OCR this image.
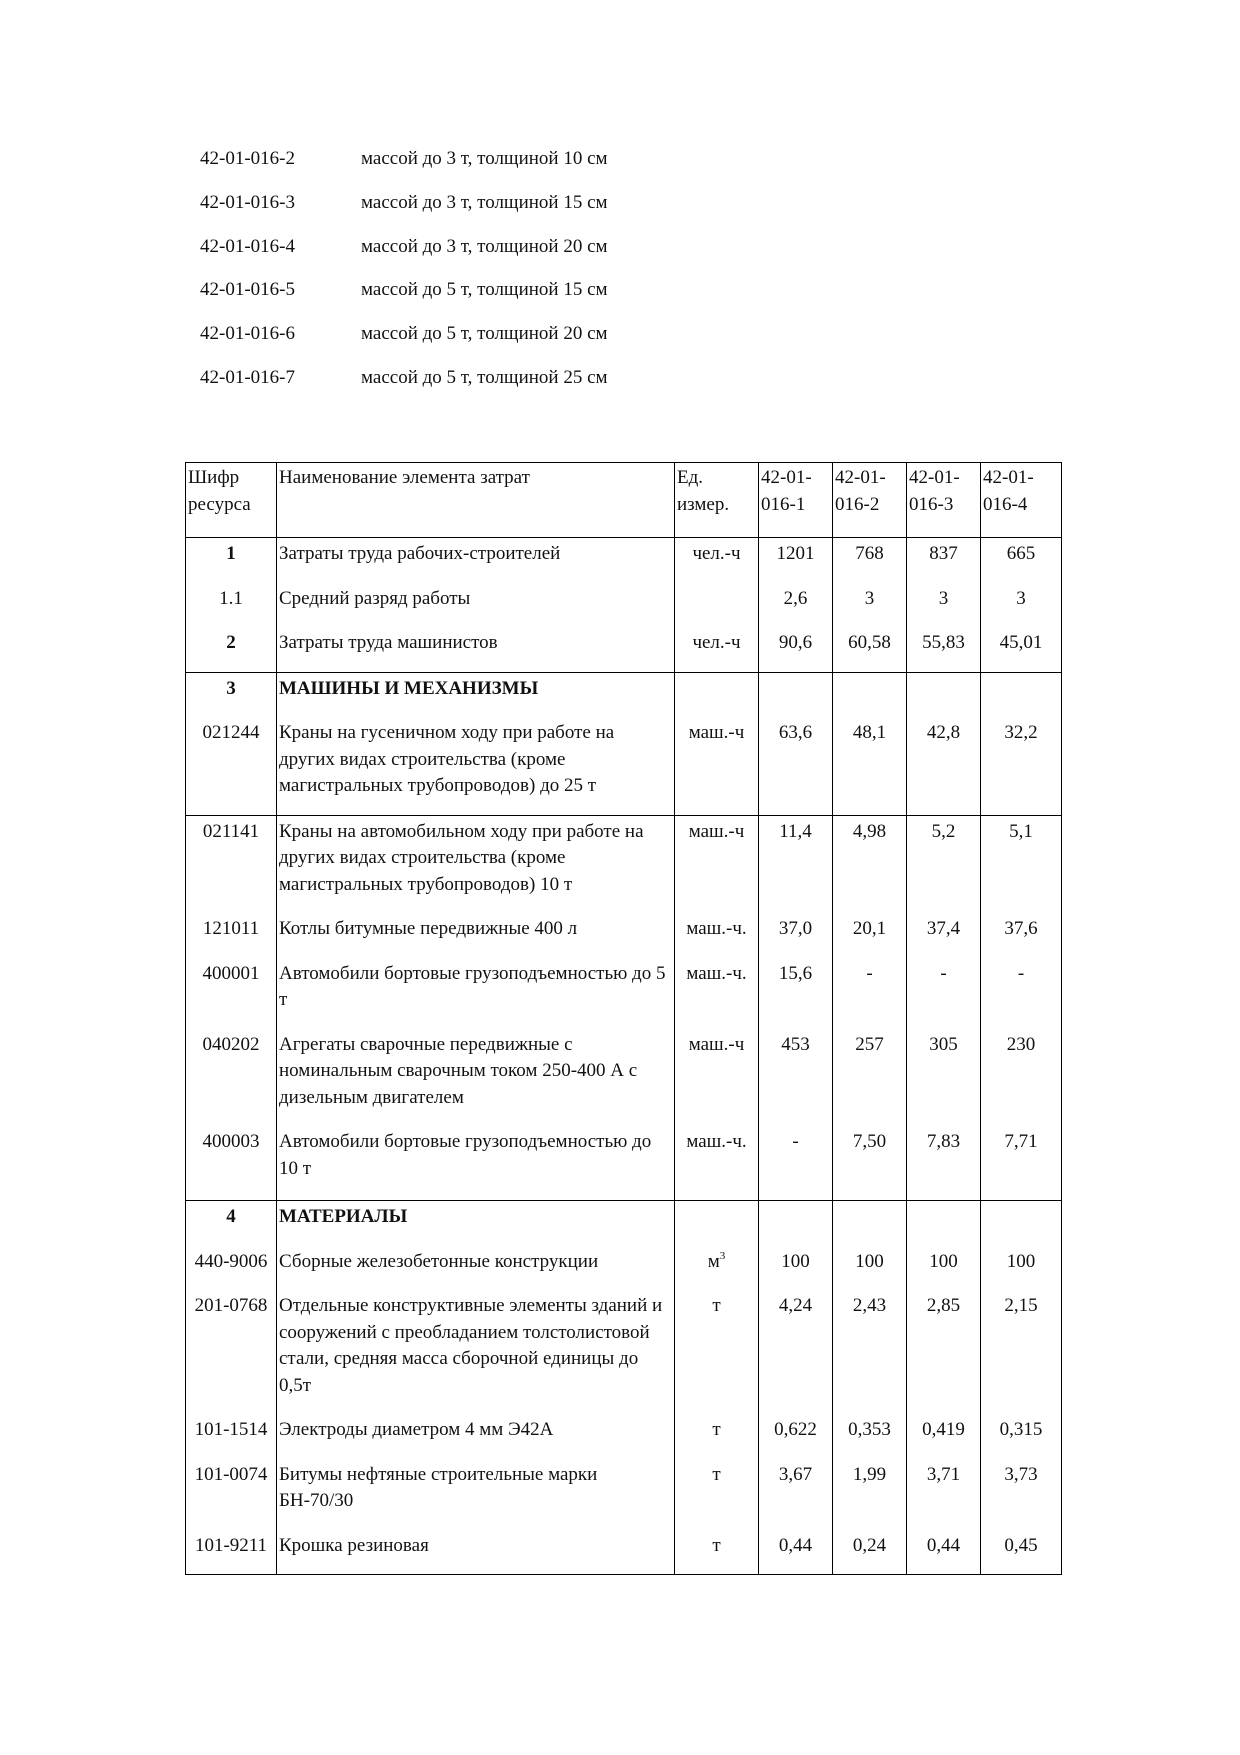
42-01-016-2	массой до 3 т, толщиной 10 см
42-01-016-3	массой до 3 т, толщиной 15 см
42-01-016-4	массой до 3 т, толщиной 20 см
42-01-016-5	массой до 5 т, толщиной 15 см
42-01-016-6	массой до 5 т, толщиной 20 см
42-01-016-7	массой до 5 т, толщиной 25 см
Шифр ресурса	Наименование элемента затрат	Ед. измер.	42-01-016-1	42-01-016-2	42-01-016-3	42-01-016-4
1	Затраты труда рабочих-строителей	чел.-ч	1201	768	837	665
1.1	Средний разряд работы		2,6	3	3	3
2	Затраты труда машинистов	чел.-ч	90,6	60,58	55,83	45,01
3	МАШИНЫ И МЕХАНИЗМЫ					
021244	Краны на гусеничном ходу при работе на других видах строительства (кроме магистральных трубопроводов) до 25 т	маш.-ч	63,6	48,1	42,8	32,2
021141	Краны на автомобильном ходу при работе на других видах строительства (кроме магистральных трубопроводов) 10 т	маш.-ч	11,4	4,98	5,2	5,1
121011	Котлы битумные передвижные 400 л	маш.-ч.	37,0	20,1	37,4	37,6
400001	Автомобили бортовые грузоподъемностью до 5 т	маш.-ч.	15,6	-	-	-
040202	Агрегаты сварочные передвижные с номинальным сварочным током 250-400 А с дизельным двигателем	маш.-ч	453	257	305	230
400003	Автомобили бортовые грузоподъемностью до 10 т	маш.-ч.	-	7,50	7,83	7,71
4	МАТЕРИАЛЫ					
440-9006	Сборные железобетонные конструкции	$м^3$	100	100	100	100
201-0768	Отдельные конструктивные элементы зданий и сооружений с преобладанием толстолистовой стали, средняя масса сборочной единицы до 0,5т	т	4,24	2,43	2,85	2,15
101-1514	Электроды диаметром 4 мм Э42А	т	0,622	0,353	0,419	0,315
101-0074	Битумы нефтяные строительные марки БН-70/30	т	3,67	1,99	3,71	3,73
101-9211	Крошка резиновая	т	0,44	0,24	0,44	0,45
